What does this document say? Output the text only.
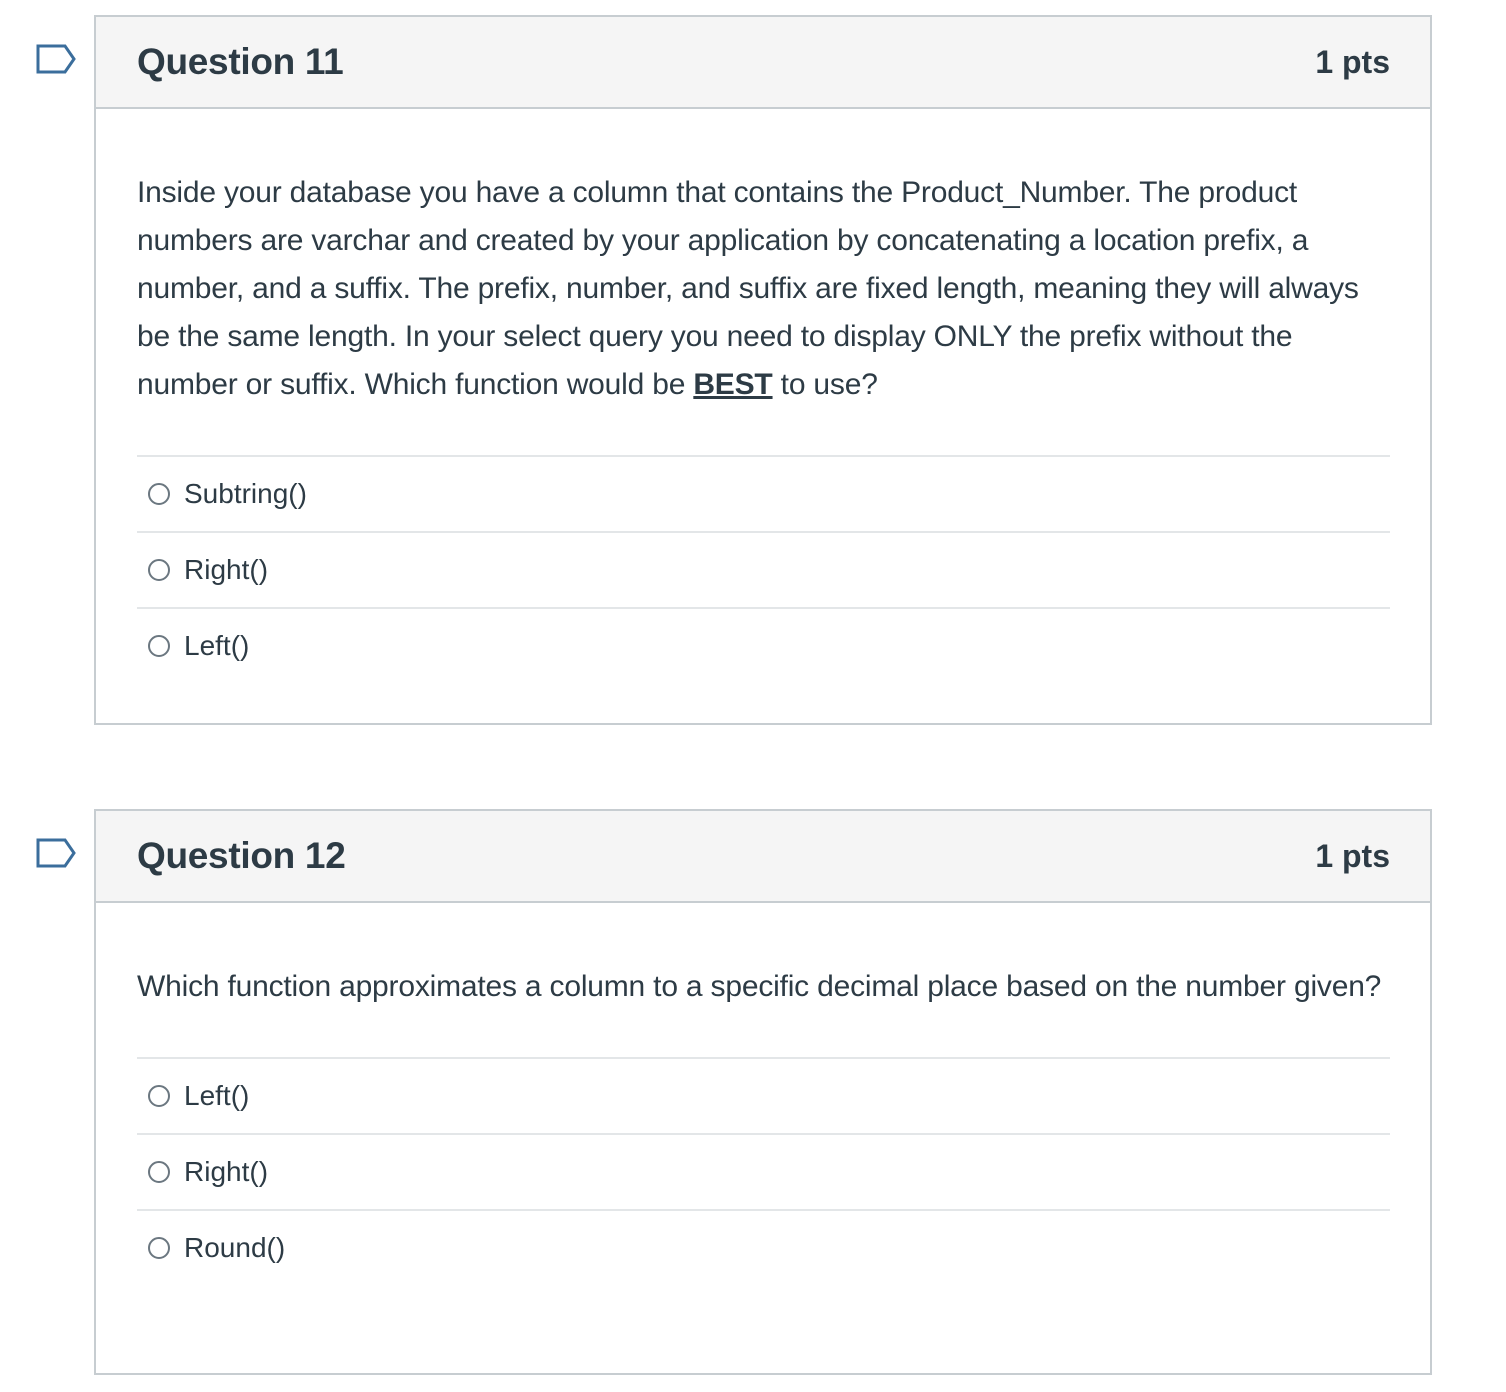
Question 11	1 pts
Inside your database you have a column that contains the Product_Number. The product numbers are varchar and created by your application by concatenating a location prefix, a number, and a suffix. The prefix, number, and suffix are fixed length, meaning they will always be the same length. In your select query you need to display ONLY the prefix without the number or suffix. Which function would be BEST to use?
Subtring()
Right()
Left()
Question 12	1 pts
Which function approximates a column to a specific decimal place based on the number given?
Left()
Right()
Round()
